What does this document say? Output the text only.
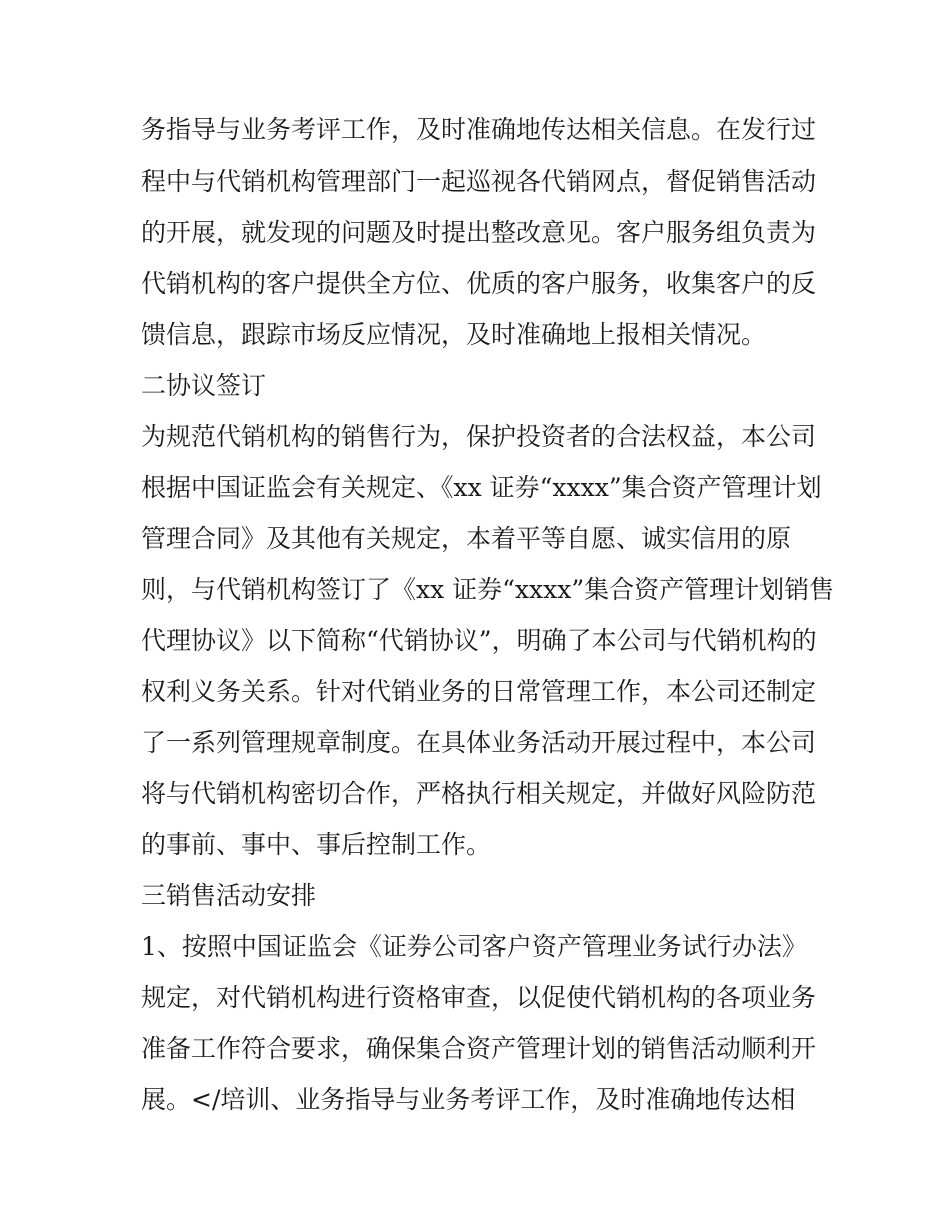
务指导与业务考评工作，及时准确地传达相关信息。在发行过
程中与代销机构管理部门一起巡视各代销网点，督促销售活动
的开展，就发现的问题及时提出整改意见。客户服务组负责为
代销机构的客户提供全方位、优质的客户服务，收集客户的反
馈信息，跟踪市场反应情况，及时准确地上报相关情况。
二协议签订
为规范代销机构的销售行为，保护投资者的合法权益，本公司
根据中国证监会有关规定、《xx 证券“xxxx”集合资产管理计划
管理合同》及其他有关规定，本着平等自愿、诚实信用的原
则，与代销机构签订了《xx 证券“xxxx”集合资产管理计划销售
代理协议》以下简称“代销协议”，明确了本公司与代销机构的
权利义务关系。针对代销业务的日常管理工作，本公司还制定
了一系列管理规章制度。在具体业务活动开展过程中，本公司
将与代销机构密切合作，严格执行相关规定，并做好风险防范
的事前、事中、事后控制工作。
三销售活动安排
1、按照中国证监会《证券公司客户资产管理业务试行办法》
规定，对代销机构进行资格审查，以促使代销机构的各项业务
准备工作符合要求，确保集合资产管理计划的销售活动顺利开
展。</培训、业务指导与业务考评工作，及时准确地传达相
